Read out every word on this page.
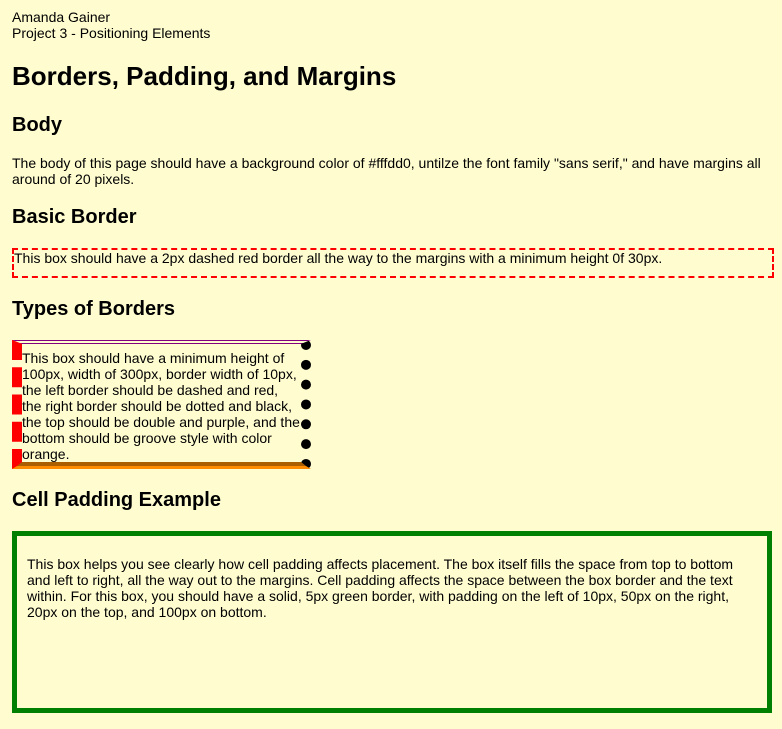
Amanda Gainer
Project 3 - Positioning Elements
Borders, Padding, and Margins
Body

The body of this page should have a background color of #fffdd0, untilze the font family "sans serif," and have margins all around of 20 pixels.

Basic Border
This box should have a 2px dashed red border all the way to the margins with a minimum height 0f 30px.
Types of Borders
This box should have a minimum height of 100px, width of 300px, border width of 10px, the left border should be dashed and red, the right border should be dotted and black, the top should be double and purple, and the bottom should be groove style with color orange.
Cell Padding Example
This box helps you see clearly how cell padding affects placement. The box itself fills the space from top to bottom and left to right, all the way out to the margins. Cell padding affects the space between the box border and the text within. For this box, you should have a solid, 5px green border, with padding on the left of 10px, 50px on the right, 20px on the top, and 100px on bottom.
